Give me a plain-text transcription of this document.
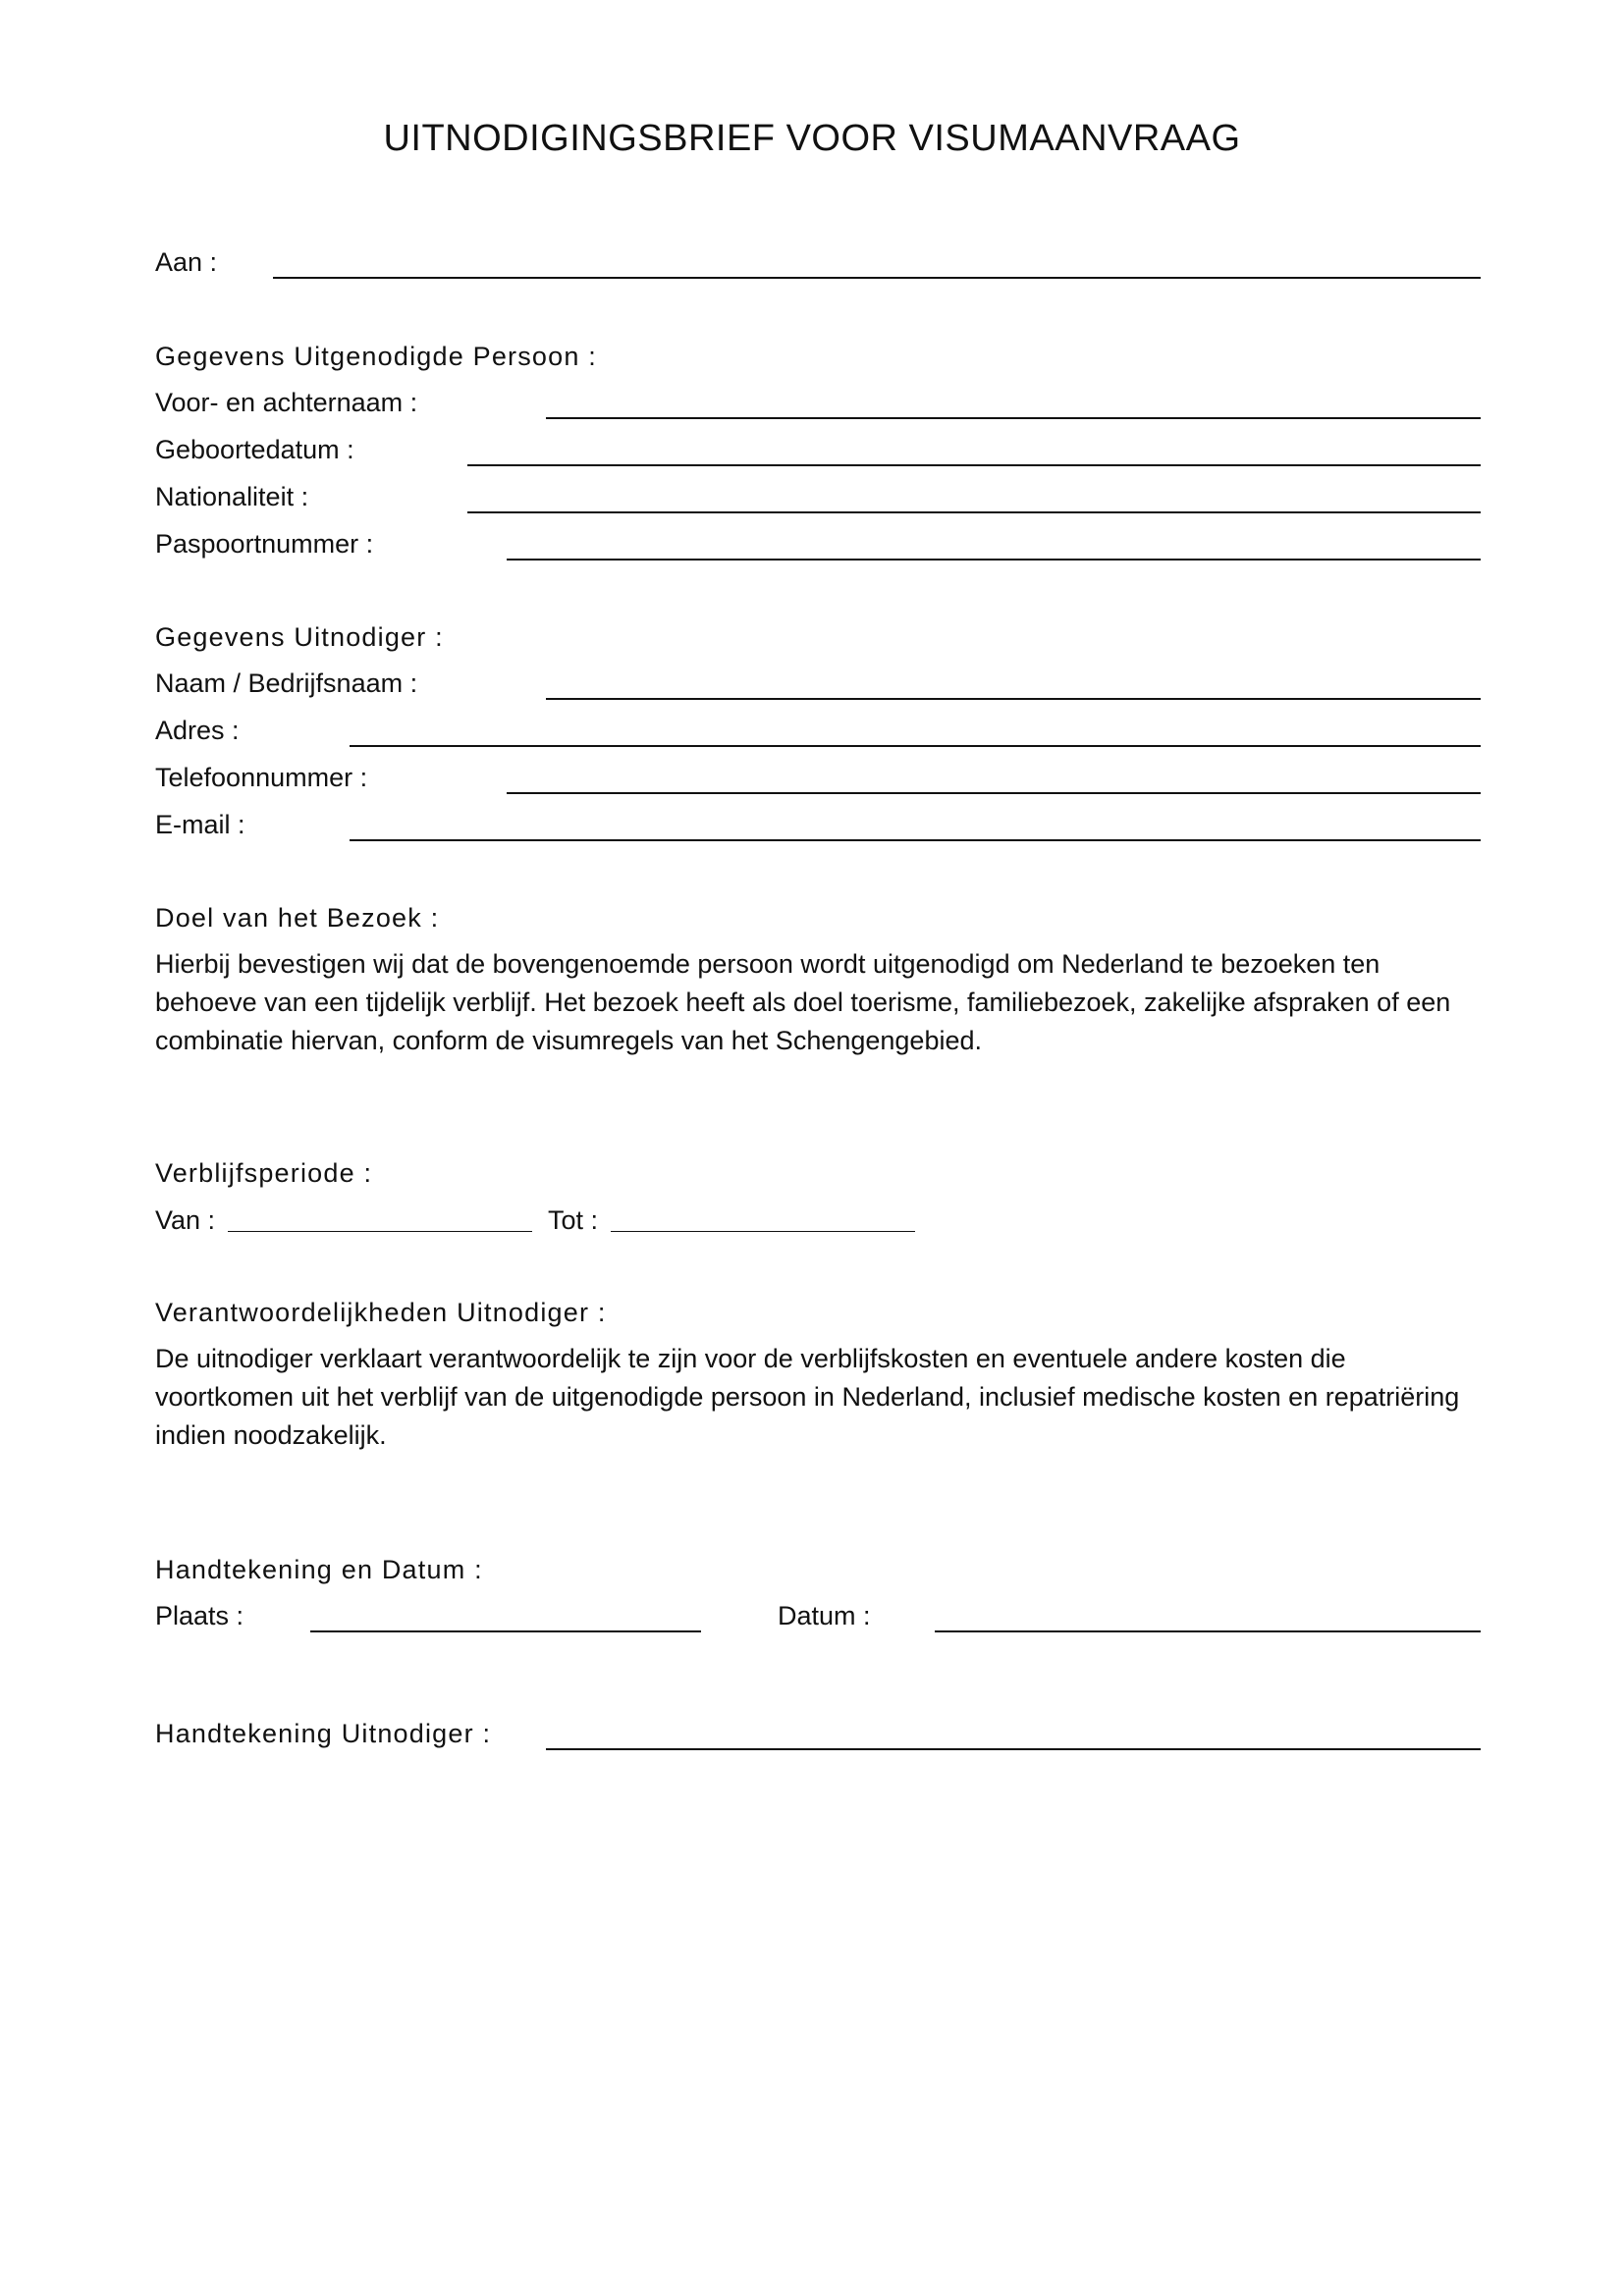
UITNODIGINGSBRIEF VOOR VISUMAANVRAAG
Aan :
Gegevens Uitgenodigde Persoon :
Voor- en achternaam :
Geboortedatum :
Nationaliteit :
Paspoortnummer :
Gegevens Uitnodiger :
Naam / Bedrijfsnaam :
Adres :
Telefoonnummer :
E-mail :
Doel van het Bezoek :
Hierbij bevestigen wij dat de bovengenoemde persoon wordt uitgenodigd om Nederland te bezoeken ten behoeve van een tijdelijk verblijf. Het bezoek heeft als doel toerisme, familiebezoek, zakelijke afspraken of een combinatie hiervan, conform de visumregels van het Schengengebied.
Verblijfsperiode :
Van :	Tot :
Verantwoordelijkheden Uitnodiger :
De uitnodiger verklaart verantwoordelijk te zijn voor de verblijfskosten en eventuele andere kosten die voortkomen uit het verblijf van de uitgenodigde persoon in Nederland, inclusief medische kosten en repatriëring indien noodzakelijk.
Handtekening en Datum :
Plaats :	Datum :
Handtekening Uitnodiger :
